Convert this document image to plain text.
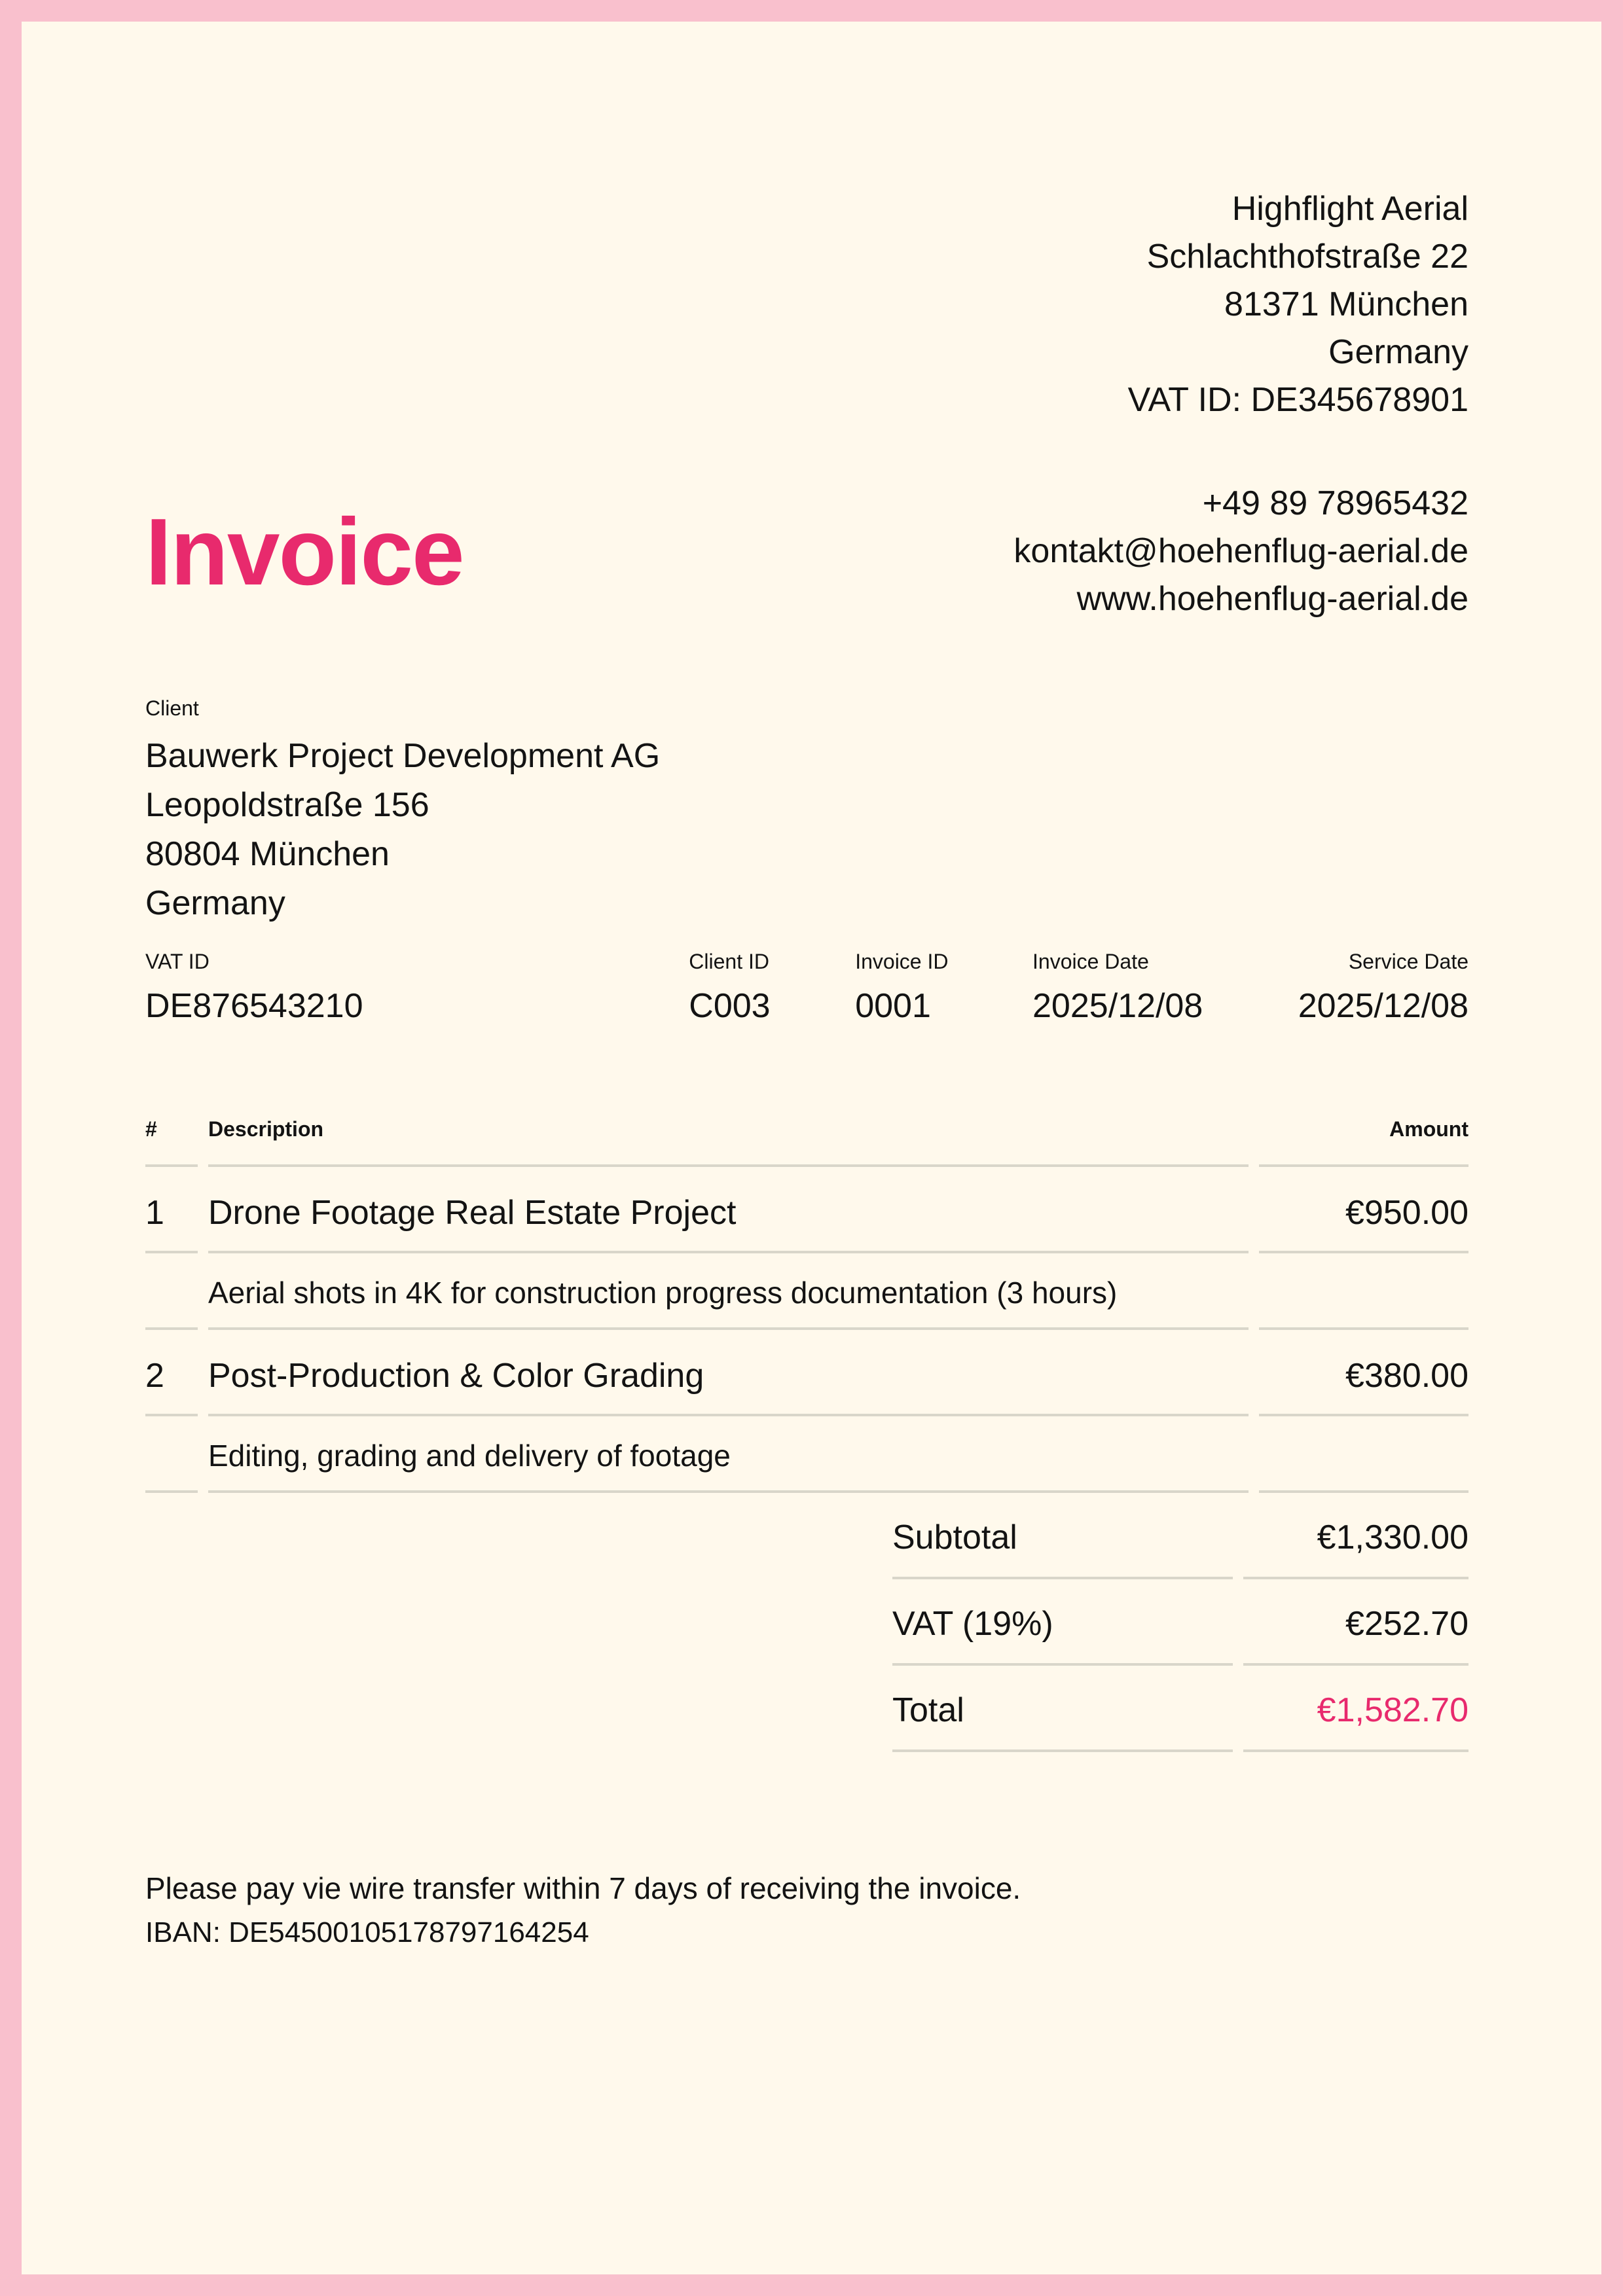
Highflight Aerial
Schlachthofstraße 22
81371 München
Germany
VAT ID: DE345678901
Invoice	+49 89 78965432
kontakt@hoehenflug-aerial.de
www.hoehenflug-aerial.de
Client
Bauwerk Project Development AG
Leopoldstraße 156
80804 München
Germany
VAT ID
DE876543210
Client ID
C003
Invoice ID
0001
Invoice Date
2025/12/08
Service Date
2025/12/08
#	Description	Amount
1	Drone Footage Real Estate Project	€950.00
	Aerial shots in 4K for construction progress documentation (3 hours)	
2	Post-Production & Color Grading	€380.00
	Editing, grading and delivery of footage	
Subtotal	€1,330.00
VAT (19%)	€252.70
Total	€1,582.70
Please pay vie wire transfer within 7 days of receiving the invoice.
IBAN: DE54500105178797164254
